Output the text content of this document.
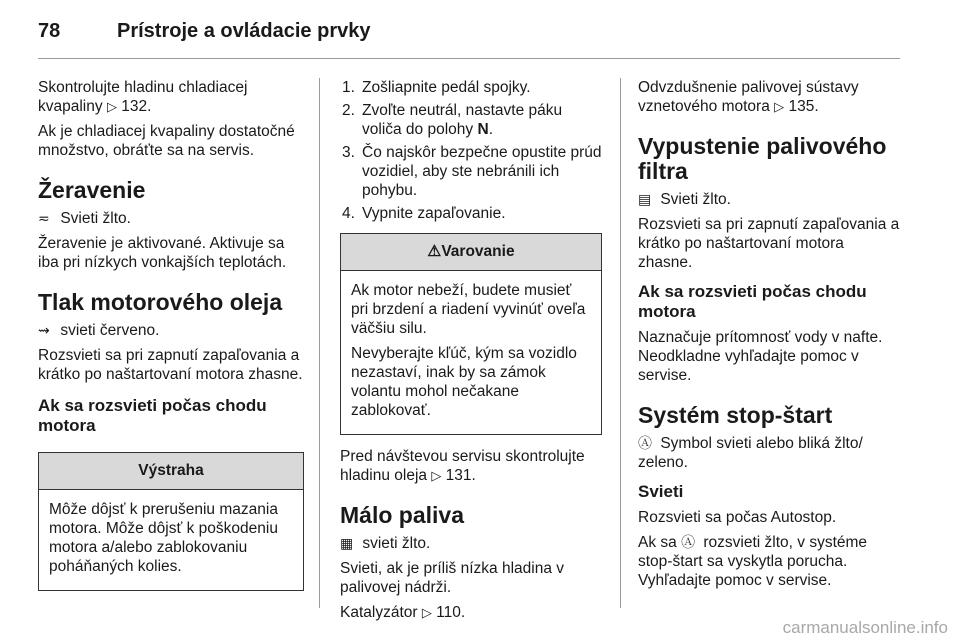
78	Prístroje a ovládacie prvky

Skontrolujte hladinu chladiacej kvapaliny ▷ 132.

Ak je chladiacej kvapaliny dostatočné množstvo, obráťte sa na servis.

Žeravenie

≂ Svieti žlto.

Žeravenie je aktivované. Aktivuje sa iba pri nízkych vonkajších teplotách.

Tlak motorového oleja

⇝ svieti červeno.

Rozsvieti sa pri zapnutí zapaľovania a krátko po naštartovaní motora zhasne.

Ak sa rozsvieti počas chodu motora

Výstraha

Môže dôjsť k prerušeniu mazania motora. Môže dôjsť k poškodeniu motora a/alebo zablokovaniu poháňaných kolies.

1. Zošliapnite pedál spojky.
2. Zvoľte neutrál, nastavte páku voliča do polohy N.
3. Čo najskôr bezpečne opustite prúd vozidiel, aby ste nebránili ich pohybu.
4. Vypnite zapaľovanie.
⚠Varovanie

Ak motor nebeží, budete musieť pri brzdení a riadení vyvinúť oveľa väčšiu silu.

Nevyberajte kľúč, kým sa vozidlo nezastaví, inak by sa zámok volantu mohol nečakane zablokovať.

Pred návštevou servisu skontrolujte hladinu oleja ▷ 131.

Málo paliva

▦ svieti žlto.

Svieti, ak je príliš nízka hladina v palivovej nádrži.

Katalyzátor ▷ 110.

Odvzdušnenie palivovej sústavy vznetového motora ▷ 135.

Vypustenie palivového filtra

▤ Svieti žlto.

Rozsvieti sa pri zapnutí zapaľovania a krátko po naštartovaní motora zhasne.

Ak sa rozsvieti počas chodu motora

Naznačuje prítomnosť vody v nafte. Neodkladne vyhľadajte pomoc v servise.

Systém stop-štart

Ⓐ Symbol svieti alebo bliká žlto/ zeleno.

Svieti

Rozsvieti sa počas Autostop.

Ak sa Ⓐ rozsvieti žlto, v systéme stop-štart sa vyskytla porucha. Vyhľadajte pomoc v servise.

carmanualsonline.info
